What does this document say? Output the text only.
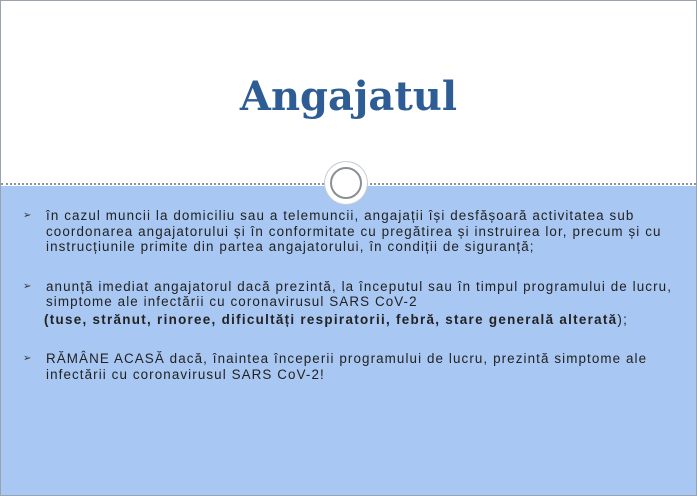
Angajatul
➢ în cazul muncii la domiciliu sau a telemuncii, angajații își desfășoară activitatea sub coordonarea angajatorului și în conformitate cu pregătirea și instruirea lor, precum și cu instrucțiunile primite din partea angajatorului, în condiții de siguranță;
➢ anunță imediat angajatorul dacă prezintă, la începutul sau în timpul programului de lucru, simptome ale infectării cu coronavirusul SARS CoV-2
(tuse, strănut, rinoree, dificultăți respiratorii, febră, stare generală alterată);
➢ RĂMÂNE ACASĂ dacă, înaintea începerii programului de lucru, prezintă simptome ale infectării cu coronavirusul SARS CoV-2!
